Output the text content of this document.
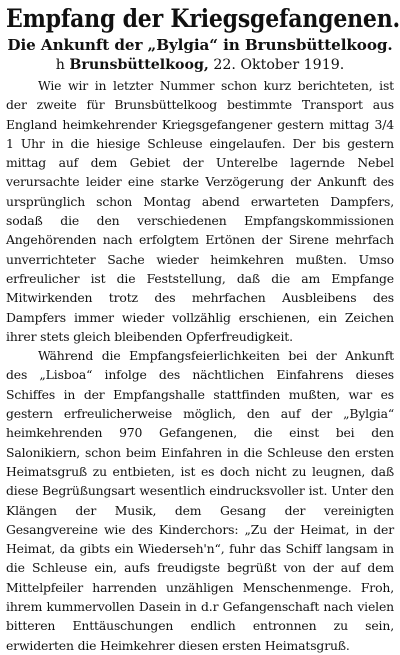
Empfang der Kriegsgefangenen.
Die Ankunft der „Bylgia“ in Brunsbüttelkoog.
h Brunsbüttelkoog, 22. Oktober 1919.

Wie wir in letzter Nummer schon kurz berichteten, ist der zweite für Brunsbüttelkoog bestimmte Transport aus England heimkehrender Kriegsgefangener gestern mittag 3/4 1 Uhr in die hiesige Schleuse eingelaufen. Der bis gestern mittag auf dem Gebiet der Unterelbe lagernde Nebel verursachte leider eine starke Verzögerung der Ankunft des ursprünglich schon Montag abend erwarteten Dampfers, sodaß die den verschiedenen Empfangskommissionen Angehörenden nach erfolgtem Ertönen der Sirene mehrfach unverrichteter Sache wieder heimkehren mußten. Umso erfreulicher ist die Feststellung, daß die am Empfange Mitwirkenden trotz des mehrfachen Ausbleibens des Dampfers immer wieder vollzählig erschienen, ein Zeichen ihrer stets gleich bleibenden Opferfreudigkeit.

Während die Empfangsfeierlichkeiten bei der Ankunft des „Lisboa“ infolge des nächtlichen Einfahrens dieses Schiffes in der Empfangshalle stattfinden mußten, war es gestern erfreulicherweise möglich, den auf der „Bylgia“ heimkehrenden 970 Gefangenen, die einst bei den Salonikiern, schon beim Einfahren in die Schleuse den ersten Heimatsgruß zu entbieten, ist es doch nicht zu leugnen, daß diese Begrüßungsart wesentlich eindrucksvoller ist. Unter den Klängen der Musik, dem Gesang der vereinigten Gesangvereine wie des Kinderchors: „Zu der Heimat, in der Heimat, da gibts ein Wiederseh'n“, fuhr das Schiff langsam in die Schleuse ein, aufs freudigste begrüßt von der auf dem Mittelpfeiler harrenden unzähligen Menschenmenge. Froh, ihrem kummervollen Dasein in d.r Gefangenschaft nach vielen bitteren Enttäuschungen endlich entronnen zu sein, erwiderten die Heimkehrer diesen ersten Heimatsgruß.
